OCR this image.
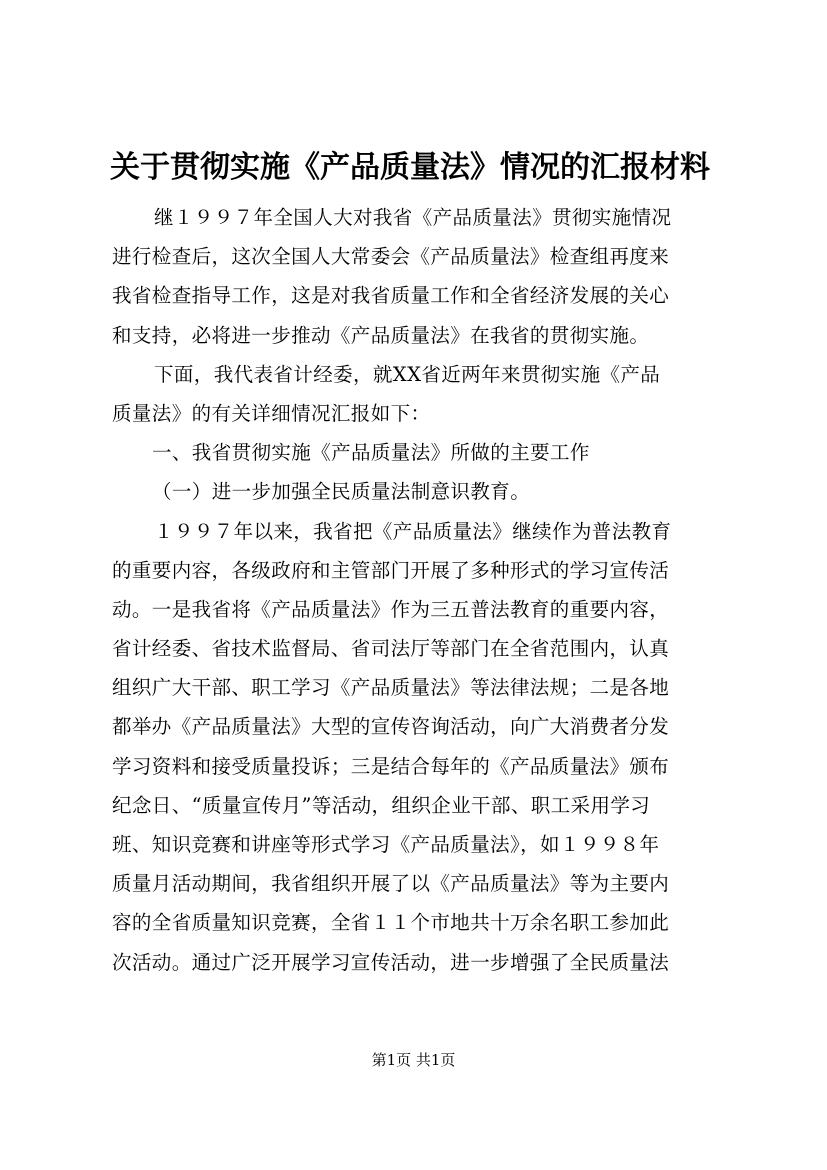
关于贯彻实施《产品质量法》情况的汇报材料
继１９９７年全国人大对我省《产品质量法》贯彻实施情况
进行检查后，这次全国人大常委会《产品质量法》检查组再度来
我省检查指导工作，这是对我省质量工作和全省经济发展的关心
和支持，必将进一步推动《产品质量法》在我省的贯彻实施。
下面，我代表省计经委，就XX省近两年来贯彻实施《产品
质量法》的有关详细情况汇报如下：
一、我省贯彻实施《产品质量法》所做的主要工作
（一）进一步加强全民质量法制意识教育。
１９９７年以来，我省把《产品质量法》继续作为普法教育
的重要内容，各级政府和主管部门开展了多种形式的学习宣传活
动。一是我省将《产品质量法》作为三五普法教育的重要内容，
省计经委、省技术监督局、省司法厅等部门在全省范围内，认真
组织广大干部、职工学习《产品质量法》等法律法规；二是各地
都举办《产品质量法》大型的宣传咨询活动，向广大消费者分发
学习资料和接受质量投诉；三是结合每年的《产品质量法》颁布
纪念日、“质量宣传月”等活动，组织企业干部、职工采用学习
班、知识竞赛和讲座等形式学习《产品质量法》，如１９９８年
质量月活动期间，我省组织开展了以《产品质量法》等为主要内
容的全省质量知识竞赛，全省１１个市地共十万余名职工参加此
次活动。通过广泛开展学习宣传活动，进一步增强了全民质量法
第1页 共1页
